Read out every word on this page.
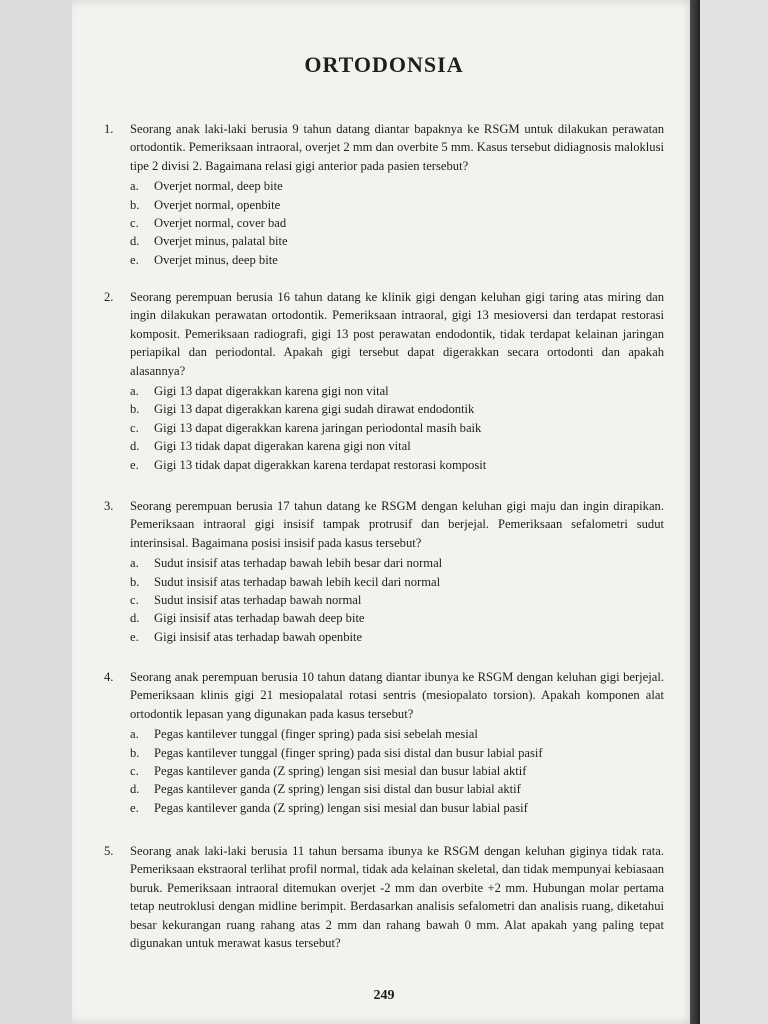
ORTODONSIA
1. Seorang anak laki-laki berusia 9 tahun datang diantar bapaknya ke RSGM untuk dilakukan perawatan ortodontik. Pemeriksaan intraoral, overjet 2 mm dan overbite 5 mm. Kasus tersebut didiagnosis maloklusi tipe 2 divisi 2. Bagaimana relasi gigi anterior pada pasien tersebut?
a.	Overjet normal, deep bite
b.	Overjet normal, openbite
c.	Overjet normal, cover bad
d.	Overjet minus, palatal bite
e.	Overjet minus, deep bite
2. Seorang perempuan berusia 16 tahun datang ke klinik gigi dengan keluhan gigi taring atas miring dan ingin dilakukan perawatan ortodontik. Pemeriksaan intraoral, gigi 13 mesioversi dan terdapat restorasi komposit. Pemeriksaan radiografi, gigi 13 post perawatan endodontik, tidak terdapat kelainan jaringan periapikal dan periodontal. Apakah gigi tersebut dapat digerakkan secara ortodonti dan apakah alasannya?
a.	Gigi 13 dapat digerakkan karena gigi non vital
b.	Gigi 13 dapat digerakkan karena gigi sudah dirawat endodontik
c.	Gigi 13 dapat digerakkan karena jaringan periodontal masih baik
d.	Gigi 13 tidak dapat digerakan karena gigi non vital
e.	Gigi 13 tidak dapat digerakkan karena terdapat restorasi komposit
3. Seorang perempuan berusia 17 tahun datang ke RSGM dengan keluhan gigi maju dan ingin dirapikan. Pemeriksaan intraoral gigi insisif tampak protrusif dan berjejal. Pemeriksaan sefalometri sudut interinsisal. Bagaimana posisi insisif pada kasus tersebut?
a.	Sudut insisif atas terhadap bawah lebih besar dari normal
b.	Sudut insisif atas terhadap bawah lebih kecil dari normal
c.	Sudut insisif atas terhadap bawah normal
d.	Gigi insisif atas terhadap bawah deep bite
e.	Gigi insisif atas terhadap bawah openbite
4. Seorang anak perempuan berusia 10 tahun datang diantar ibunya ke RSGM dengan keluhan gigi berjejal. Pemeriksaan klinis gigi 21 mesiopalatal rotasi sentris (mesiopalato torsion). Apakah komponen alat ortodontik lepasan yang digunakan pada kasus tersebut?
a.	Pegas kantilever tunggal (finger spring) pada sisi sebelah mesial
b.	Pegas kantilever tunggal (finger spring) pada sisi distal dan busur labial pasif
c.	Pegas kantilever ganda (Z spring) lengan sisi mesial dan busur labial aktif
d.	Pegas kantilever ganda (Z spring) lengan sisi distal dan busur labial aktif
e.	Pegas kantilever ganda (Z spring) lengan sisi mesial dan busur labial pasif
5. Seorang anak laki-laki berusia 11 tahun bersama ibunya ke RSGM dengan keluhan giginya tidak rata. Pemeriksaan ekstraoral terlihat profil normal, tidak ada kelainan skeletal, dan tidak mempunyai kebiasaan buruk. Pemeriksaan intraoral ditemukan overjet -2 mm dan overbite +2 mm. Hubungan molar pertama tetap neutroklusi dengan midline berimpit. Berdasarkan analisis sefalometri dan analisis ruang, diketahui besar kekurangan ruang rahang atas 2 mm dan rahang bawah 0 mm. Alat apakah yang paling tepat digunakan untuk merawat kasus tersebut?
249
